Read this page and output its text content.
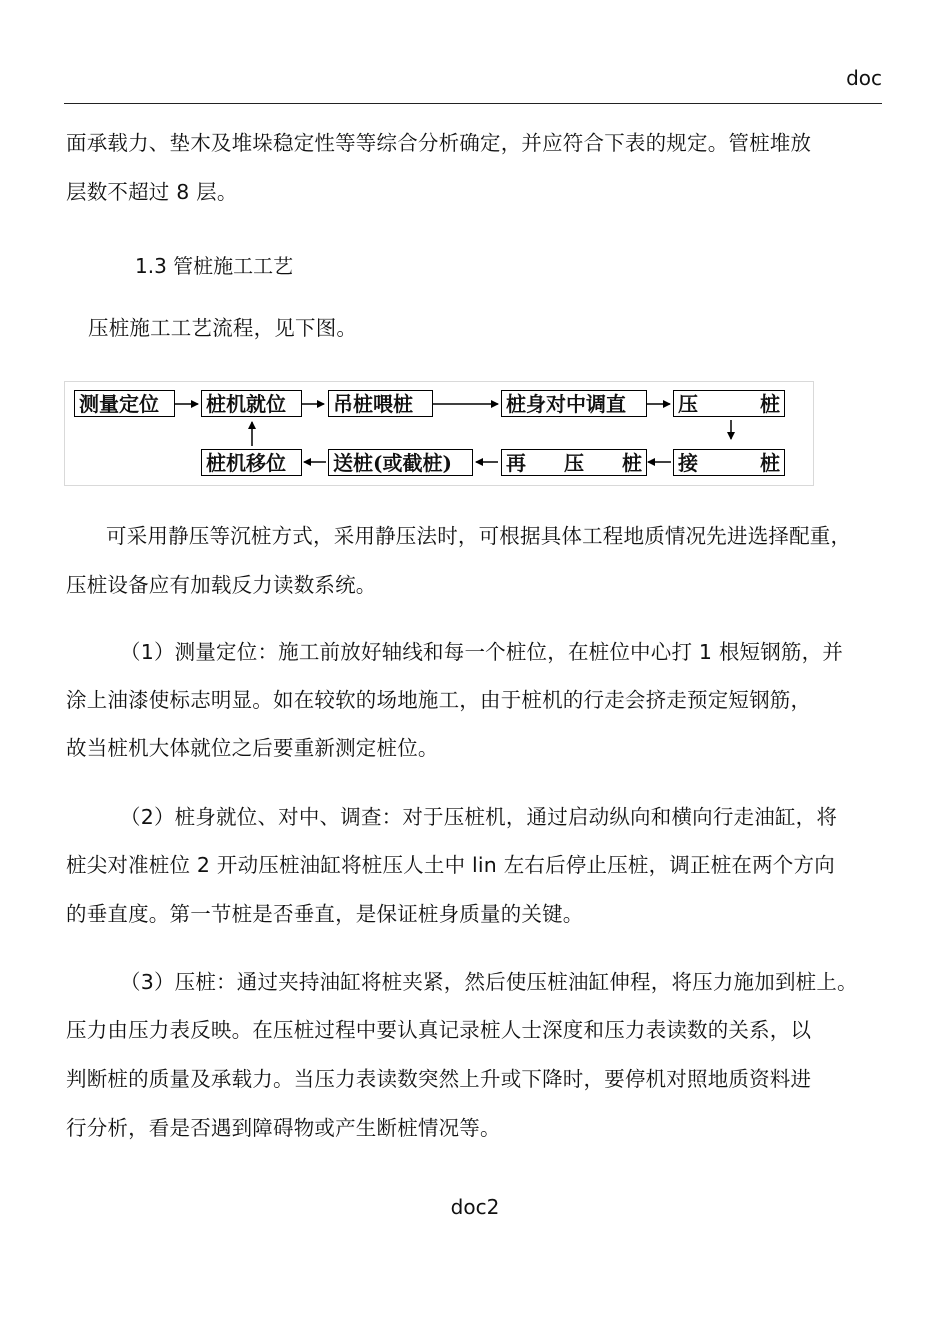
doc
面承载力、垫木及堆垛稳定性等等综合分析确定，并应符合下表的规定。管桩堆放
层数不超过 8 层。
1.3 管桩施工工艺
压桩施工工艺流程，见下图。
测量定位	桩机就位	吊桩喂桩	桩身对中调直	压	桩
桩机移位	送桩(或截桩)	再 压 桩 接	桩
可采用静压等沉桩方式，采用静压法时，可根据具体工程地质情况先进选择配重，
压桩设备应有加载反力读数系统。
（1）测量定位：施工前放好轴线和每一个桩位，在桩位中心打 1 根短钢筋，并
涂上油漆使标志明显。如在较软的场地施工，由于桩机的行走会挤走预定短钢筋，
故当桩机大体就位之后要重新测定桩位。
（2）桩身就位、对中、调查：对于压桩机，通过启动纵向和横向行走油缸，将
桩尖对准桩位 2 开动压桩油缸将桩压人土中 lin 左右后停止压桩，调正桩在两个方向
的垂直度。第一节桩是否垂直，是保证桩身质量的关键。
（3）压桩：通过夹持油缸将桩夹紧，然后使压桩油缸伸程，将压力施加到桩上。
压力由压力表反映。在压桩过程中要认真记录桩人士深度和压力表读数的关系，以
判断桩的质量及承载力。当压力表读数突然上升或下降时，要停机对照地质资料进
行分析，看是否遇到障碍物或产生断桩情况等。
doc2
